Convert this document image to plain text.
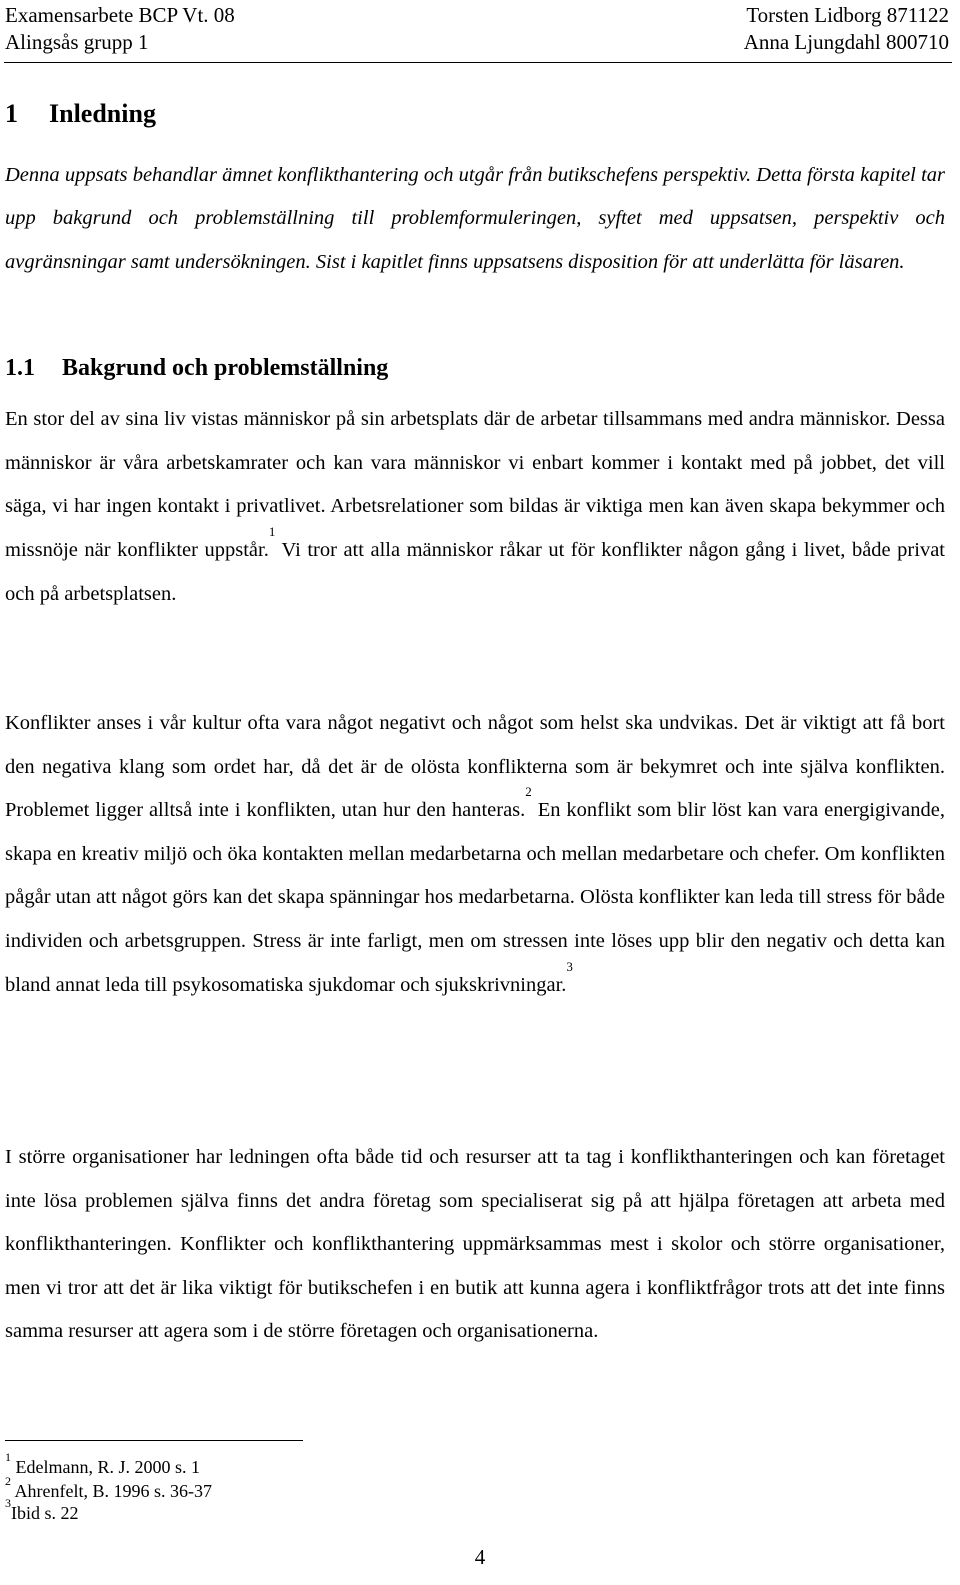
Examensarbete BCP Vt. 08
Alingsås grupp 1
Torsten Lidborg 871122
Anna Ljungdahl 800710
1 Inledning

Denna uppsats behandlar ämnet konflikthantering och utgår från butikschefens perspektiv. Detta första kapitel tar upp bakgrund och problemställning till problemformuleringen, syftet med uppsatsen, perspektiv och avgränsningar samt undersökningen. Sist i kapitlet finns uppsatsens disposition för att underlätta för läsaren.

1.1 Bakgrund och problemställning

En stor del av sina liv vistas människor på sin arbetsplats där de arbetar tillsammans med andra människor. Dessa människor är våra arbetskamrater och kan vara människor vi enbart kommer i kontakt med på jobbet, det vill säga, vi har ingen kontakt i privatlivet. Arbetsrelationer som bildas är viktiga men kan även skapa bekymmer och missnöje när konflikter uppstår.$^1$ Vi tror att alla människor råkar ut för konflikter någon gång i livet, både privat och på arbetsplatsen.

Konflikter anses i vår kultur ofta vara något negativt och något som helst ska undvikas. Det är viktigt att få bort den negativa klang som ordet har, då det är de olösta konflikterna som är bekymret och inte själva konflikten. Problemet ligger alltså inte i konflikten, utan hur den hanteras.$^2$ En konflikt som blir löst kan vara energigivande, skapa en kreativ miljö och öka kontakten mellan medarbetarna och mellan medarbetare och chefer. Om konflikten pågår utan att något görs kan det skapa spänningar hos medarbetarna. Olösta konflikter kan leda till stress för både individen och arbetsgruppen. Stress är inte farligt, men om stressen inte löses upp blir den negativ och detta kan bland annat leda till psykosomatiska sjukdomar och sjukskrivningar.$^3$

I större organisationer har ledningen ofta både tid och resurser att ta tag i konflikthanteringen och kan företaget inte lösa problemen själva finns det andra företag som specialiserat sig på att hjälpa företagen att arbeta med konflikthanteringen. Konflikter och konflikthantering uppmärksammas mest i skolor och större organisationer, men vi tror att det är lika viktigt för butikschefen i en butik att kunna agera i konfliktfrågor trots att det inte finns samma resurser att agera som i de större företagen och organisationerna.

$^1$ Edelmann, R. J. 2000 s. 1

$^2$ Ahrenfelt, B. 1996 s. 36-37

$^3$Ibid s. 22

4
